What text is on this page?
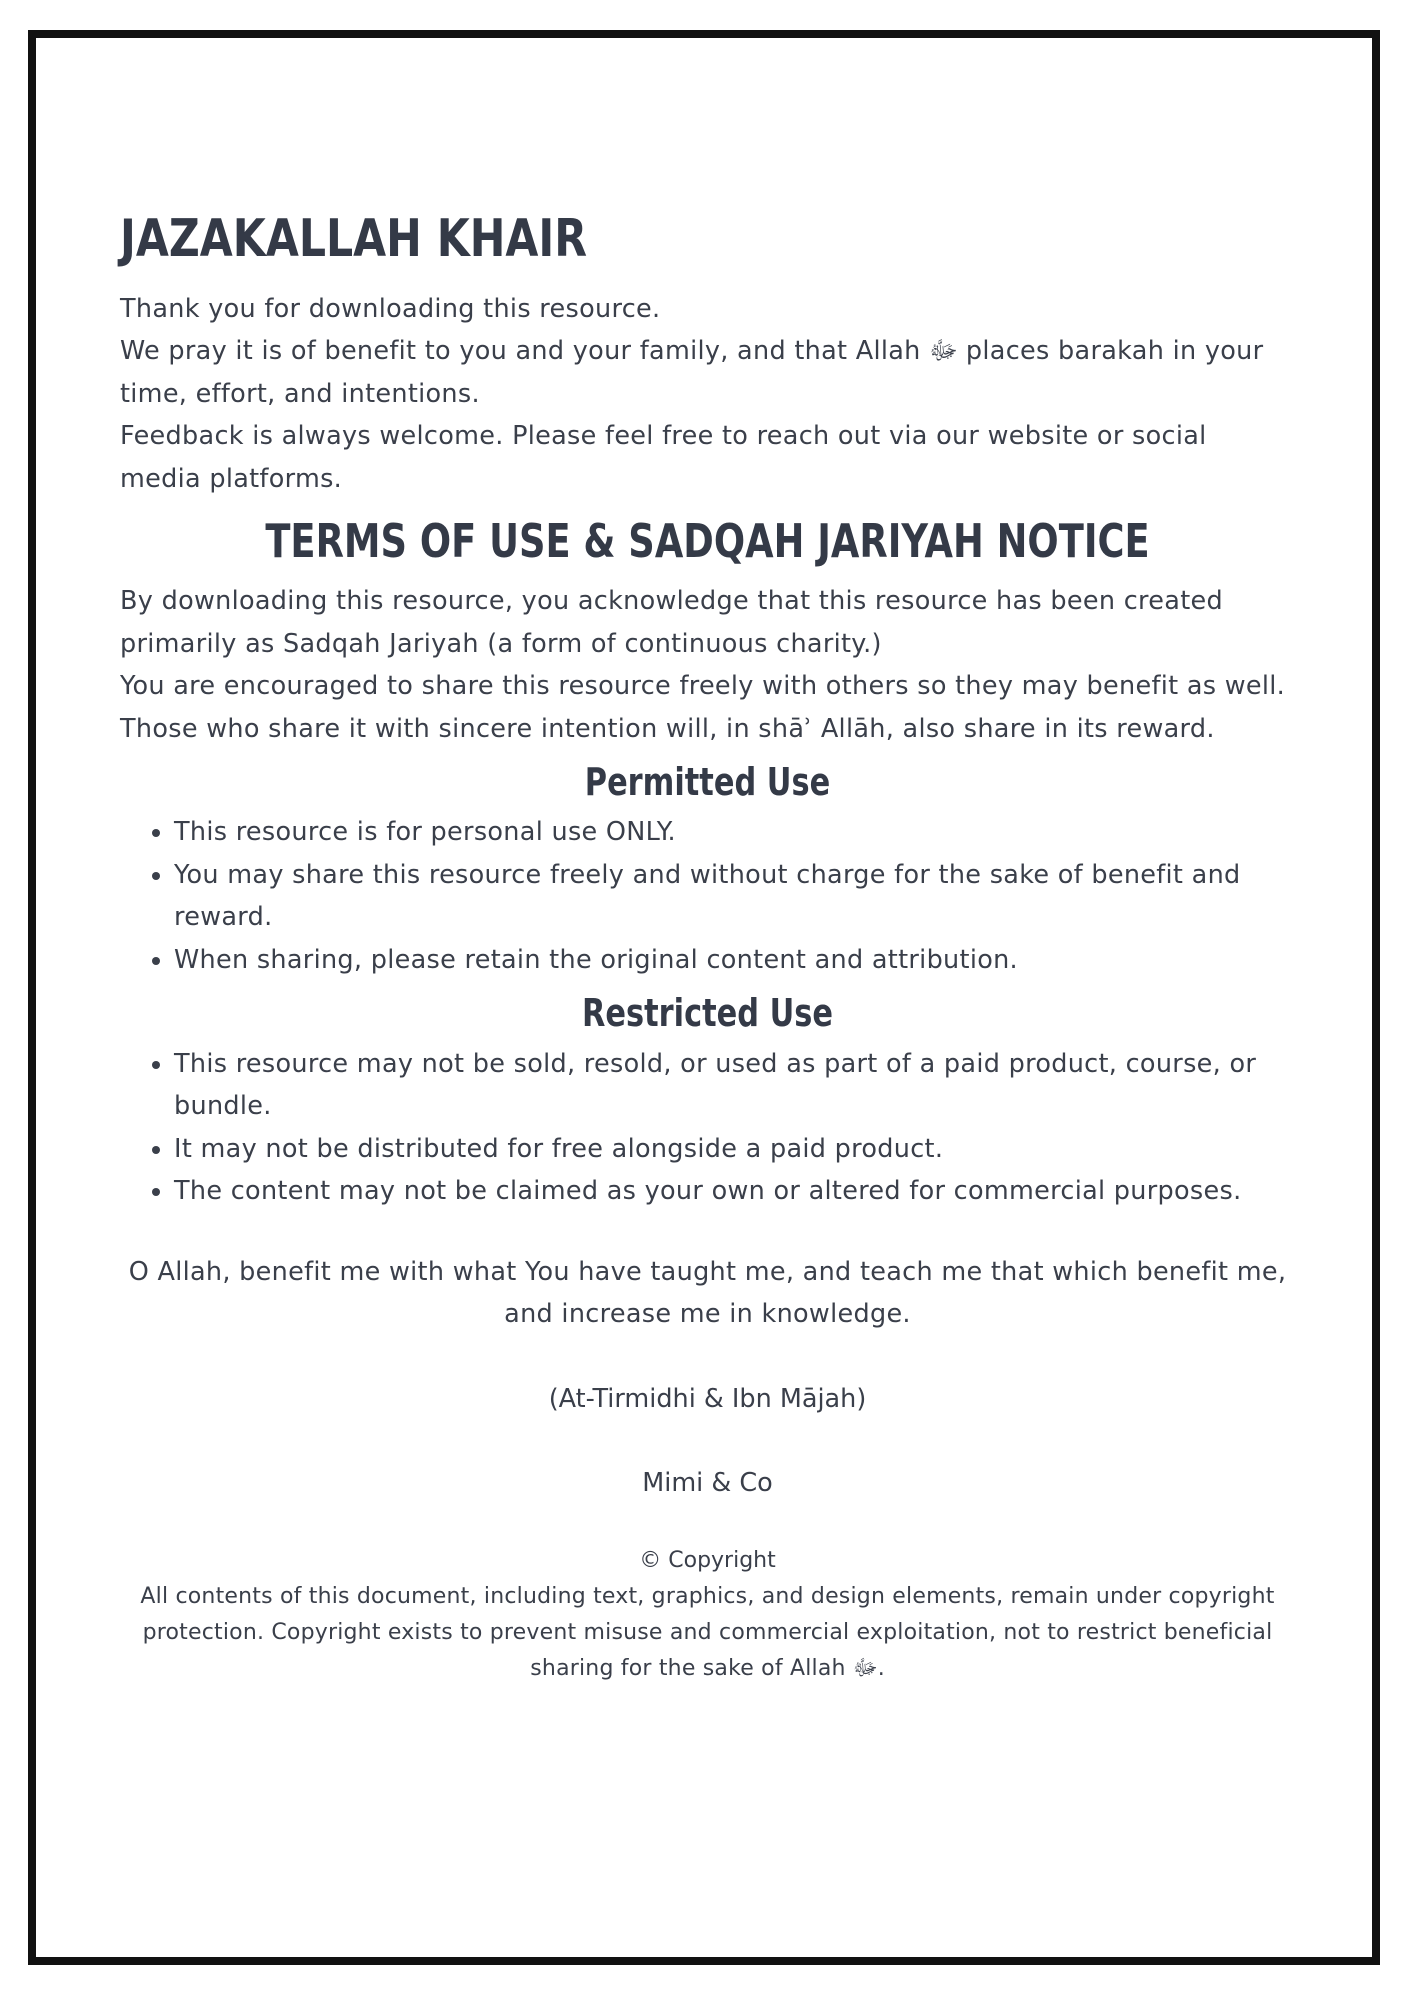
JAZAKALLAH KHAIR

Thank you for downloading this resource.

We pray it is of benefit to you and your family, and that Allah ﷻ places barakah in your time, effort, and intentions.

Feedback is always welcome. Please feel free to reach out via our website or social media platforms.

TERMS OF USE & SADQAH JARIYAH NOTICE

By downloading this resource, you acknowledge that this resource has been created primarily as Sadqah Jariyah (a form of continuous charity.)

You are encouraged to share this resource freely with others so they may benefit as well.

Those who share it with sincere intention will, in shāʾ Allāh, also share in its reward.

Permitted Use
• This resource is for personal use ONLY.
• You may share this resource freely and without charge for the sake of benefit and reward.
• When sharing, please retain the original content and attribution.
Restricted Use
• This resource may not be sold, resold, or used as part of a paid product, course, or bundle.
• It may not be distributed for free alongside a paid product.
• The content may not be claimed as your own or altered for commercial purposes.
O Allah, benefit me with what You have taught me, and teach me that which benefit me, and increase me in knowledge.
(At-Tirmidhi & Ibn Mājah)
Mimi & Co
© Copyright
All contents of this document, including text, graphics, and design elements, remain under copyright protection. Copyright exists to prevent misuse and commercial exploitation, not to restrict beneficial sharing for the sake of Allah ﷻ.
